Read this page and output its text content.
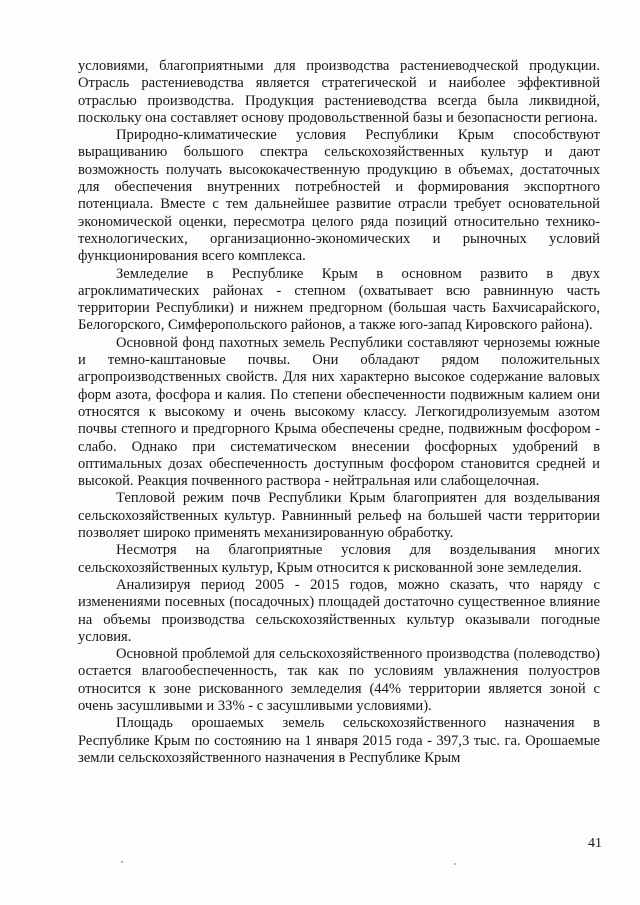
условиями, благоприятными для производства растениеводческой продукции. Отрасль растениеводства является стратегической и наиболее эффективной отраслью производства. Продукция растениеводства всегда была ликвидной, поскольку она составляет основу продовольственной базы и безопасности региона.

Природно-климатические условия Республики Крым способствуют выращиванию большого спектра сельскохозяйственных культур и дают возможность получать высококачественную продукцию в объемах, достаточных для обеспечения внутренних потребностей и формирования экспортного потенциала. Вместе с тем дальнейшее развитие отрасли требует основательной экономической оценки, пересмотра целого ряда позиций относительно технико-технологических, организационно-экономических и рыночных условий функционирования всего комплекса.

Земледелие в Республике Крым в основном развито в двух агроклиматических районах - степном (охватывает всю равнинную часть территории Республики) и нижнем предгорном (большая часть Бахчисарайского, Белогорского, Симферопольского районов, а также юго-запад Кировского района).

Основной фонд пахотных земель Республики составляют черноземы южные и темно-каштановые почвы. Они обладают рядом положительных агропроизводственных свойств. Для них характерно высокое содержание валовых форм азота, фосфора и калия. По степени обеспеченности подвижным калием они относятся к высокому и очень высокому классу. Легкогидролизуемым азотом почвы степного и предгорного Крыма обеспечены средне, подвижным фосфором - слабо. Однако при систематическом внесении фосфорных удобрений в оптимальных дозах обеспеченность доступным фосфором становится средней и высокой. Реакция почвенного раствора - нейтральная или слабощелочная.

Тепловой режим почв Республики Крым благоприятен для возделывания сельскохозяйственных культур. Равнинный рельеф на большей части территории позволяет широко применять механизированную обработку.

Несмотря на благоприятные условия для возделывания многих сельскохозяйственных культур, Крым относится к рискованной зоне земледелия.

Анализируя период 2005 - 2015 годов, можно сказать, что наряду с изменениями посевных (посадочных) площадей достаточно существенное влияние на объемы производства сельскохозяйственных культур оказывали погодные условия.

Основной проблемой для сельскохозяйственного производства (полеводство) остается влагообеспеченность, так как по условиям увлажнения полуостров относится к зоне рискованного земледелия (44% территории является зоной с очень засушливыми и 33% - с засушливыми условиями).

Площадь орошаемых земель сельскохозяйственного назначения в Республике Крым по состоянию на 1 января 2015 года - 397,3 тыс. га. Орошаемые земли сельскохозяйственного назначения в Республике Крым

41
